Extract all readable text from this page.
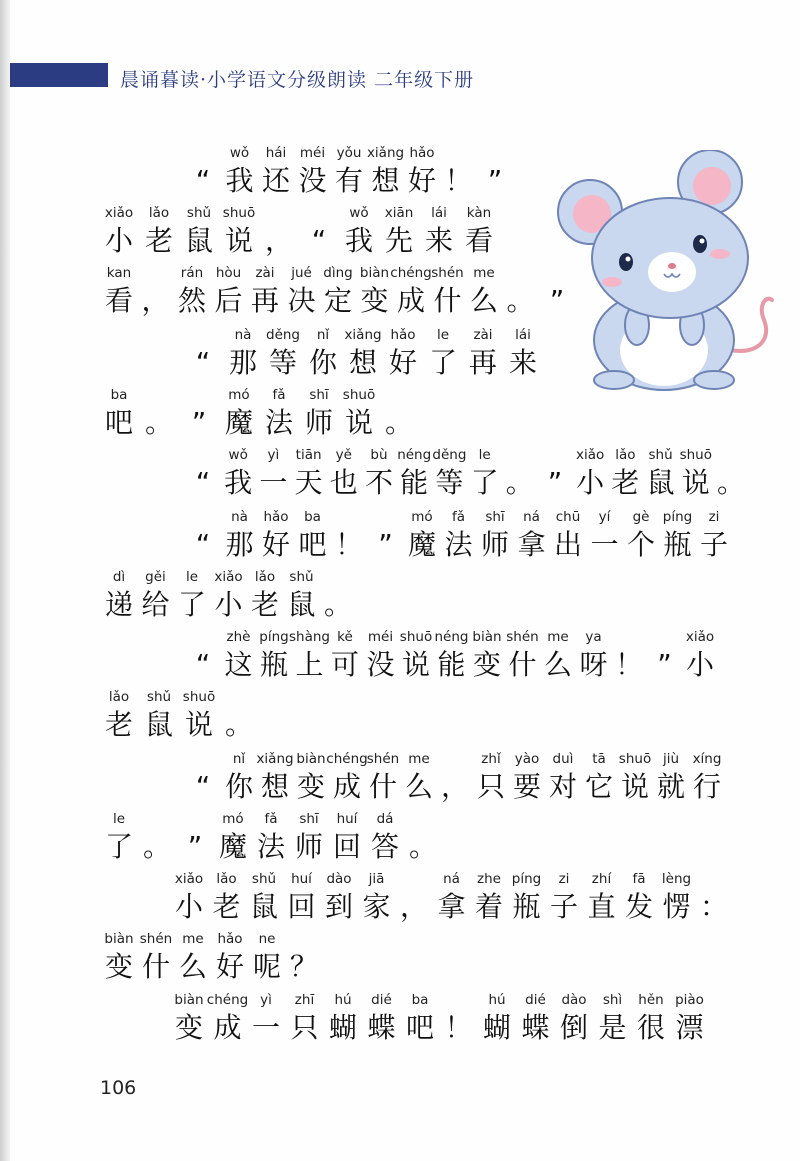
晨诵暮读·小学语文分级朗读 二年级下册
“
wǒ
我
hái
还
méi
没
yǒu
有
xiǎng
想
hǎo
好 ！ ”
xiǎo
小
lǎo
老
shǔ
鼠
shuō
说 ， “
wǒ
我
xiān
先
lái
来
kàn
看
kan
看 ，
rán
然
hòu
后
zài
再
jué
决
dìng
定
biàn
变
chéng
成
shén
什
me
么 。 ”
“
nà
那
děng
等
nǐ
你
xiǎng
想
hǎo
好
le
了
zài
再
lái
来
ba
吧 。 ”
mó
魔
fǎ
法
shī
师
shuō
说 。
“
wǒ
我
yì
一
tiān
天
yě
也
bù
不
néng
能
děng
等
le
了 。 ”
xiǎo
小
lǎo
老
shǔ
鼠
shuō
说 。
“
nà
那
hǎo
好
ba
吧 ！ ”
mó
魔
fǎ
法
shī
师
ná
拿
chū
出
yí
一
gè
个
píng
瓶
zi
子
dì
递
gěi
给
le
了
xiǎo
小
lǎo
老
shǔ
鼠 。
“
zhè
这
píng
瓶
shàng
上
kě
可
méi
没
shuō
说
néng
能
biàn
变
shén
什
me
么
ya
呀 ！ ”
xiǎo
小
lǎo
老
shǔ
鼠
shuō
说 。
“
nǐ
你
xiǎng
想
biàn
变
chéng
成
shén
什
me
么 ，
zhǐ
只
yào
要
duì
对
tā
它
shuō
说
jiù
就
xíng
行
le
了 。 ”
mó
魔
fǎ
法
shī
师
huí
回
dá
答 。
xiǎo
小
lǎo
老
shǔ
鼠
huí
回
dào
到
jiā
家 ，
ná
拿
zhe
着
píng
瓶
zi
子
zhí
直
fā
发
lèng
愣 ：
biàn
变
shén
什
me
么
hǎo
好
ne
呢 ？
biàn
变
chéng
成
yì
一
zhī
只
hú
蝴
dié
蝶
ba
吧 ！
hú
蝴
dié
蝶
dào
倒
shì
是
hěn
很
piào
漂
106
